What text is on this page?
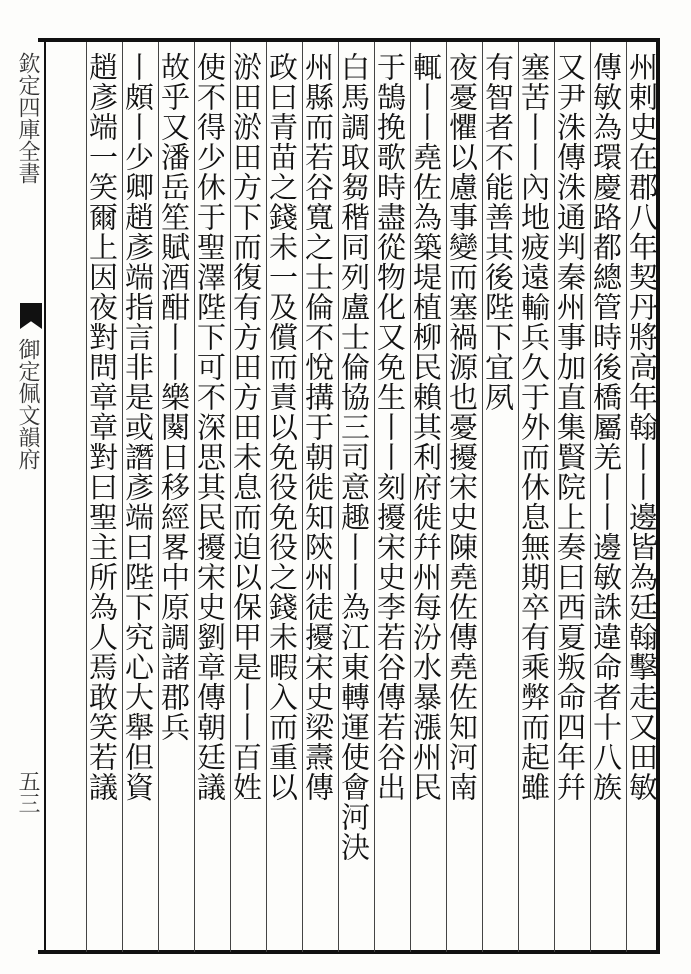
欽定四庫全書
御定佩文韻府
五三	州剌史在郡八年契丹將高年翰丨丨邊皆為廷翰擊走又田敏
傳敏為環慶路都總管時後橋屬羌丨丨邊敏誅違命者十八族
又尹洙傳洙通判秦州事加直集賢院上奏曰西夏叛命四年幷
塞苦丨丨內地疲遠輸兵久于外而休息無期卒有乘弊而起雖
有智者不能善其後陛下宜夙
夜憂懼以慮事變而塞禍源也憂擾宋史陳堯佐傳堯佐知河南
輒丨丨堯佐為築堤植柳民賴其利府徙幷州每汾水暴漲州民
于鵠挽歌時盡從物化又免生丨丨刻擾宋史李若谷傳若谷出
白馬調取芻稭同列盧士倫協三司意趣丨丨為江東轉運使會河決
州縣而若谷寬之士倫不悅搆于朝徙知陝州徒擾宋史梁燾傳
政曰青苗之錢未一及償而責以免役免役之錢未暇入而重以
淤田淤田方下而復有方田方田未息而迫以保甲是丨丨百姓
使不得少休于聖澤陛下可不深思其民擾宋史劉章傳朝廷議
故乎又潘岳笙賦酒酣丨丨樂闋日移經畧中原調諸郡兵
丨頗丨少卿趙彥端指言非是或譖彥端曰陛下究心大舉但資
趙彥端一笑爾上因夜對問章章對曰聖主所為人焉敢笑若議
